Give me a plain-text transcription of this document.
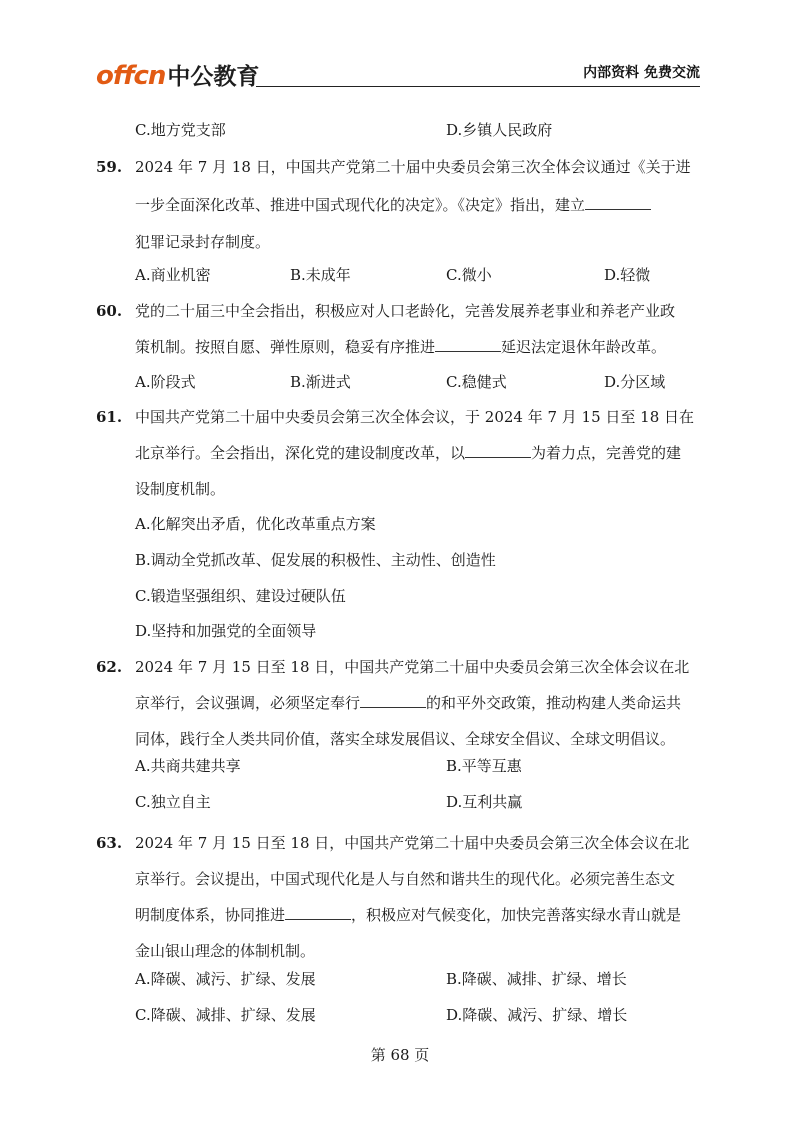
offcn 中公教育	内部资料 免费交流
C.地方党支部	D.乡镇人民政府
59. 2024 年 7 月 18 日，中国共产党第二十届中央委员会第三次全体会议通过《关于进
一步全面深化改革、推进中国式现代化的决定》。《决定》指出，建立
犯罪记录封存制度。
A.商业机密	B.未成年	C.微小	D.轻微
60. 党的二十届三中全会指出，积极应对人口老龄化，完善发展养老事业和养老产业政
策机制。按照自愿、弹性原则，稳妥有序推进	延迟法定退休年龄改革。
A.阶段式	B.渐进式	C.稳健式	D.分区域
61. 中国共产党第二十届中央委员会第三次全体会议，于 2024 年 7 月 15 日至 18 日在
北京举行。全会指出，深化党的建设制度改革，以	为着力点，完善党的建
设制度机制。
A.化解突出矛盾，优化改革重点方案
B.调动全党抓改革、促发展的积极性、主动性、创造性
C.锻造坚强组织、建设过硬队伍
D.坚持和加强党的全面领导
62. 2024 年 7 月 15 日至 18 日，中国共产党第二十届中央委员会第三次全体会议在北
京举行，会议强调，必须坚定奉行	的和平外交政策，推动构建人类命运共
同体，践行全人类共同价值，落实全球发展倡议、全球安全倡议、全球文明倡议。
A.共商共建共享	B.平等互惠
C.独立自主	D.互利共赢
63. 2024 年 7 月 15 日至 18 日，中国共产党第二十届中央委员会第三次全体会议在北
京举行。会议提出，中国式现代化是人与自然和谐共生的现代化。必须完善生态文
明制度体系，协同推进	，积极应对气候变化，加快完善落实绿水青山就是
金山银山理念的体制机制。
A.降碳、减污、扩绿、发展	B.降碳、减排、扩绿、增长
C.降碳、减排、扩绿、发展	D.降碳、减污、扩绿、增长
第 68 页
